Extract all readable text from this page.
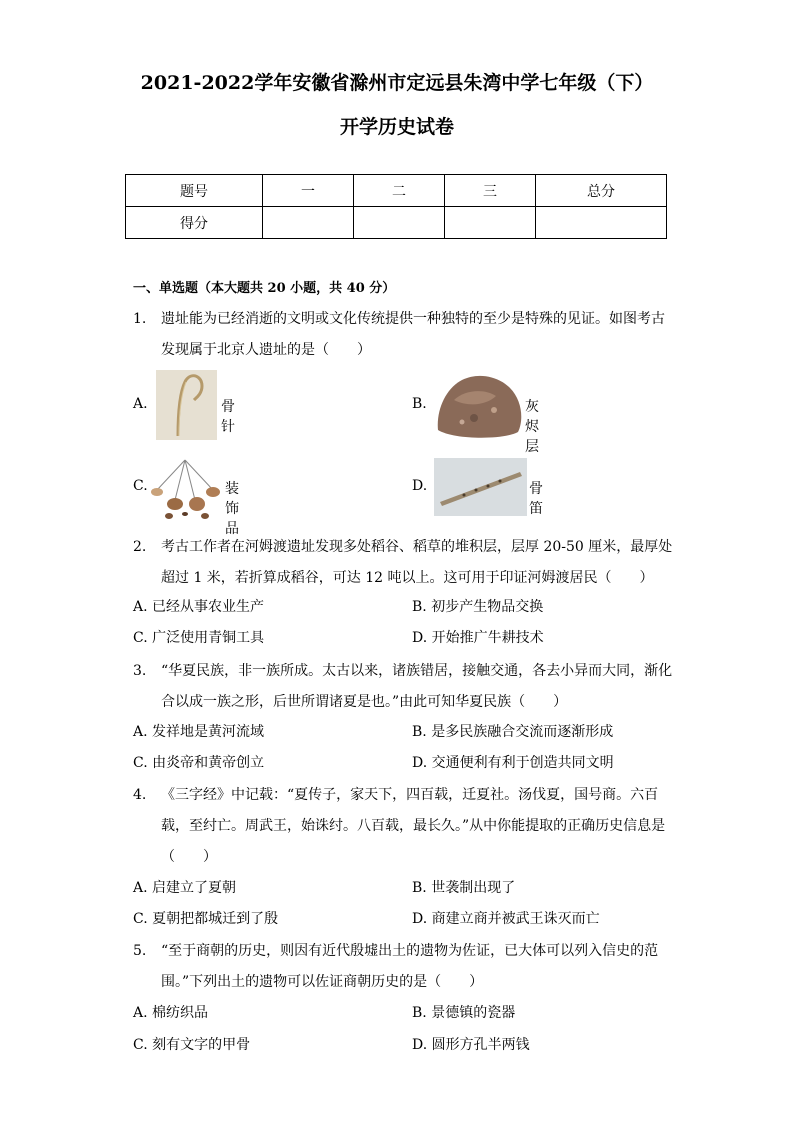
2021-2022学年安徽省滁州市定远县朱湾中学七年级（下）
开学历史试卷
题号	一	二	三	总分
得分				
一、单选题（本大题共 20 小题，共 40 分）
1. 遗址能为已经消逝的文明或文化传统提供一种独特的至少是特殊的见证。如图考古发现属于北京人遗址的是（　　）
A.	骨针
B.	灰烬层
C.	装饰品
D.	骨笛
2. 考古工作者在河姆渡遗址发现多处稻谷、稻草的堆积层，层厚 20-50 厘米，最厚处超过 1 米，若折算成稻谷，可达 12 吨以上。这可用于印证河姆渡居民（　　）
A. 已经从事农业生产	B. 初步产生物品交换
C. 广泛使用青铜工具	D. 开始推广牛耕技术
3. “华夏民族，非一族所成。太古以来，诸族错居，接触交通，各去小异而大同，渐化合以成一族之形，后世所谓诸夏是也。”由此可知华夏民族（　　）
A. 发祥地是黄河流域	B. 是多民族融合交流而逐渐形成
C. 由炎帝和黄帝创立	D. 交通便利有利于创造共同文明
4. 《三字经》中记载：“夏传子，家天下，四百载，迁夏社。汤伐夏，国号商。六百载，至纣亡。周武王，始诛纣。八百载，最长久。”从中你能提取的正确历史信息是（　　）
A. 启建立了夏朝	B. 世袭制出现了
C. 夏朝把都城迁到了殷	D. 商建立商并被武王诛灭而亡
5. “至于商朝的历史，则因有近代殷墟出土的遗物为佐证，已大体可以列入信史的范围。”下列出土的遗物可以佐证商朝历史的是（　　）
A. 棉纺织品	B. 景德镇的瓷器
C. 刻有文字的甲骨	D. 圆形方孔半两钱
